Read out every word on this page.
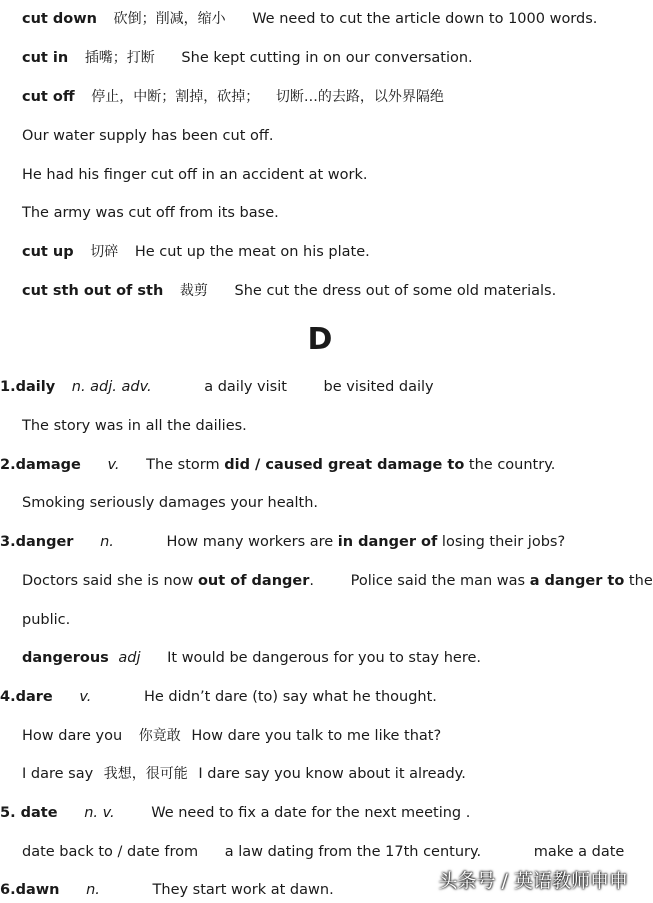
cut down 砍倒；削减，缩小 We need to cut the article down to 1000 words.
cut in 插嘴；打断 She kept cutting in on our conversation.
cut off 停止，中断；割掉，砍掉； 切断…的去路，以外界隔绝
Our water supply has been cut off.
He had his finger cut off in an accident at work.
The army was cut off from its base.
cut up 切碎 He cut up the meat on his plate.
cut sth out of sth 裁剪 She cut the dress out of some old materials.
D
1.daily n. adj. adv.	a daily visit	be visited daily
The story was in all the dailies.
2.damage v. The storm did / caused great damage to the country.
Smoking seriously damages your health.
3.danger n.	How many workers are in danger of losing their jobs?
Doctors said she is now out of danger.	Police said the man was a danger to the
public.
dangerous adj It would be dangerous for you to stay here.
4.dare v.	He didn’t dare (to) say what he thought.
How dare you 你竟敢 How dare you talk to me like that?
I dare say 我想，很可能 I dare say you know about it already.
5. date n. v.	We need to fix a date for the next meeting .
date back to / date from a law dating from the 17th century.	make a date
6.dawn n.	They start work at dawn.	头条号 / 英语教师申申
